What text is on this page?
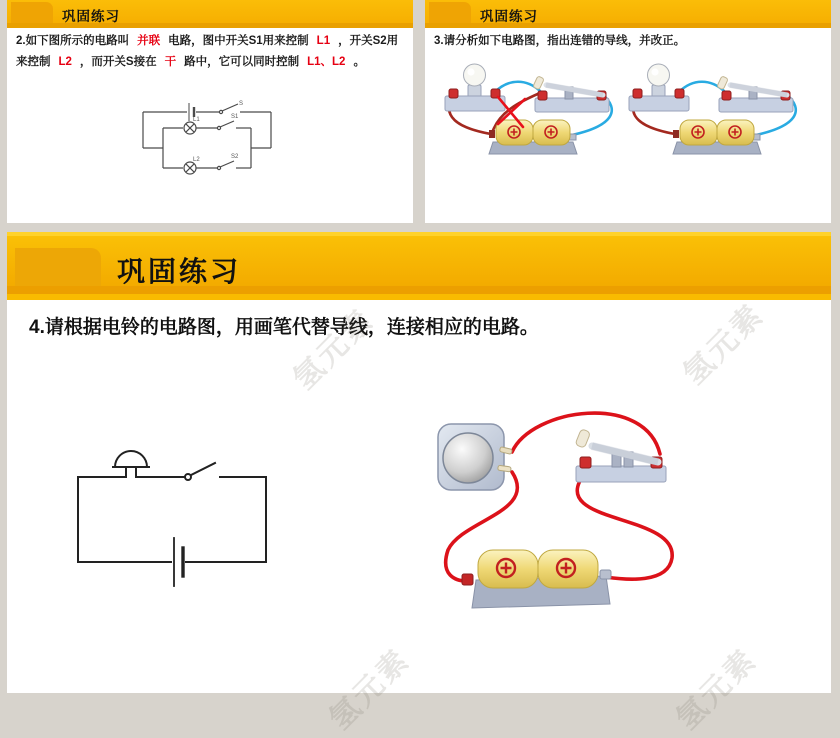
巩固练习
2.如下图所示的电路叫 并联 电路，图中开关S1用来控制 L1 ，开关S2用来控制 L2 ，而开关S接在 干 路中，它可以同时控制 L1、L2 。
S
L1	S1
L2	S2
巩固练习
3.请分析如下电路图，指出连错的导线，并改正。
巩固练习
4.请根据电铃的电路图，用画笔代替导线，连接相应的电路。
